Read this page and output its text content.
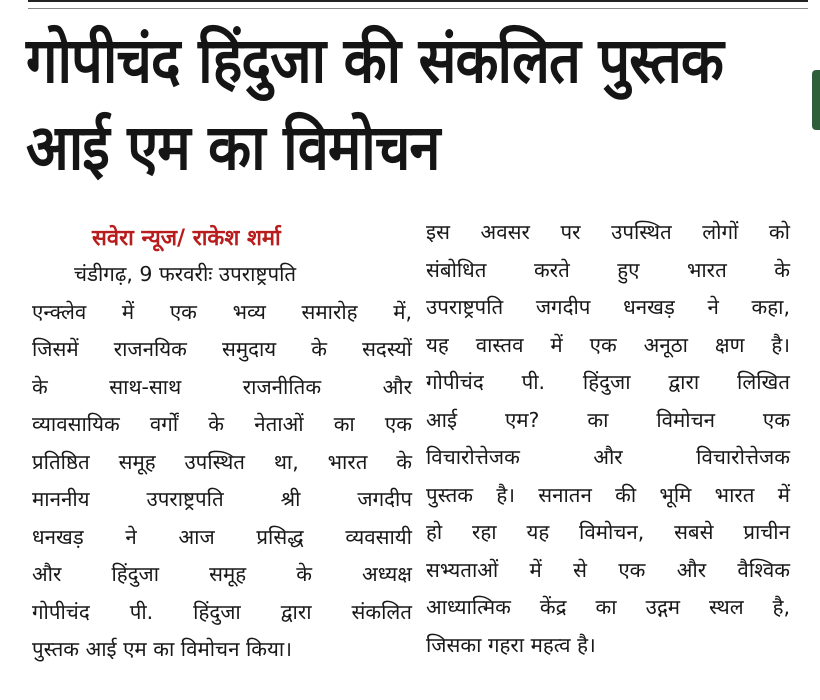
गोपीचंद हिंदुजा की संकलित पुस्तक
आई एम का विमोचन
सवेरा न्यूज/ राकेश शर्मा
चंडीगढ़, 9 फरवरीः उपराष्ट्रपति
एन्क्लेव में एक भव्य समारोह में,
जिसमें राजनयिक समुदाय के सदस्यों
के साथ-साथ राजनीतिक और
व्यावसायिक वर्गों के नेताओं का एक
प्रतिष्ठित समूह उपस्थित था, भारत के
माननीय उपराष्ट्रपति श्री जगदीप
धनखड़ ने आज प्रसिद्ध व्यवसायी
और हिंदुजा समूह के अध्यक्ष
गोपीचंद पी. हिंदुजा द्वारा संकलित
पुस्तक आई एम का विमोचन किया।
इस अवसर पर उपस्थित लोगों को
संबोधित करते हुए भारत के
उपराष्ट्रपति जगदीप धनखड़ ने कहा,
यह वास्तव में एक अनूठा क्षण है।
गोपीचंद पी. हिंदुजा द्वारा लिखित
आई एम? का विमोचन एक
विचारोत्तेजक और विचारोत्तेजक
पुस्तक है। सनातन की भूमि भारत में
हो रहा यह विमोचन, सबसे प्राचीन
सभ्यताओं में से एक और वैश्विक
आध्यात्मिक केंद्र का उद्गम स्थल है,
जिसका गहरा महत्व है।
